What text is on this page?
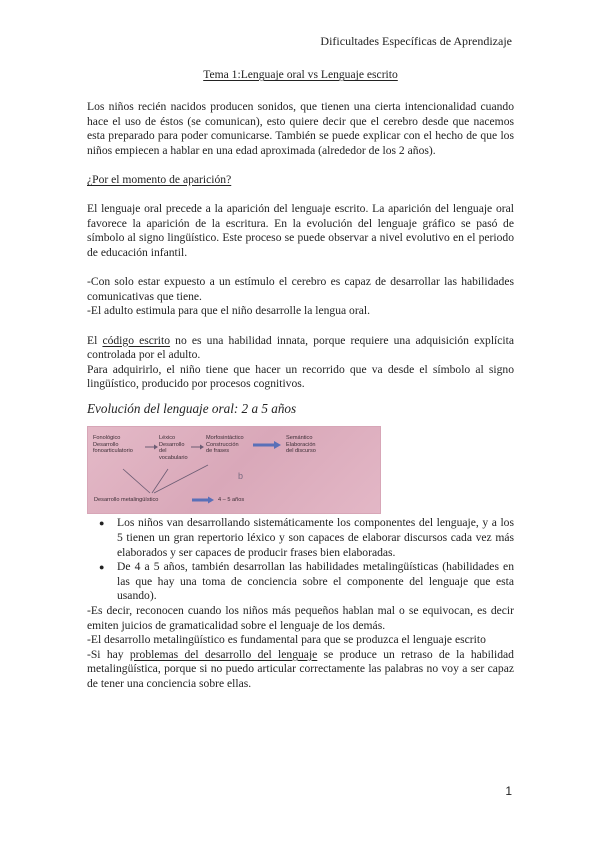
Dificultades Específicas de Aprendizaje
Tema 1:Lenguaje oral vs Lenguaje escrito

Los niños recién nacidos producen sonidos, que tienen una cierta intencionalidad cuando hace el uso de éstos (se comunican), esto quiere decir que el cerebro desde que nacemos esta preparado para poder comunicarse. También se puede explicar con el hecho de que los niños empiecen a hablar en una edad aproximada (alrededor de los 2 años).

¿Por el momento de aparición?

El lenguaje oral precede a la aparición del lenguaje escrito. La aparición del lenguaje oral favorece la aparición de la escritura. En la evolución del lenguaje gráfico se pasó de símbolo al signo lingüístico. Este proceso se puede observar a nivel evolutivo en el periodo de educación infantil.

-Con solo estar expuesto a un estímulo el cerebro es capaz de desarrollar las habilidades comunicativas que tiene.

-El adulto estimula para que el niño desarrolle la lengua oral.

El código escrito no es una habilidad innata, porque requiere una adquisición explícita controlada por el adulto.

Para adquirirlo, el niño tiene que hacer un recorrido que va desde el símbolo al signo lingüístico, producido por procesos cognitivos.

Evolución del lenguaje oral: 2 a 5 años

Fonológico
Desarrollo
fonoarticulatorio
Léxico
Desarrollo
del
vocabulario
Morfosintáctico
Construcción
de frases
Semántico
Elaboración
del discurso
b
Desarrollo metalingüístico	4 – 5 años
● Los niños van desarrollando sistemáticamente los componentes del lenguaje, y a los 5 tienen un gran repertorio léxico y son capaces de elaborar discursos cada vez más elaborados y ser capaces de producir frases bien elaboradas.
● De 4 a 5 años, también desarrollan las habilidades metalingüísticas (habilidades en las que hay una toma de conciencia sobre el componente del lenguaje que esta usando).

-Es decir, reconocen cuando los niños más pequeños hablan mal o se equivocan, es decir emiten juicios de gramaticalidad sobre el lenguaje de los demás.

-El desarrollo metalingüístico es fundamental para que se produzca el lenguaje escrito

-Si hay problemas del desarrollo del lenguaje se produce un retraso de la habilidad metalingüística, porque si no puedo articular correctamente las palabras no voy a ser capaz de tener una conciencia sobre ellas.

1
